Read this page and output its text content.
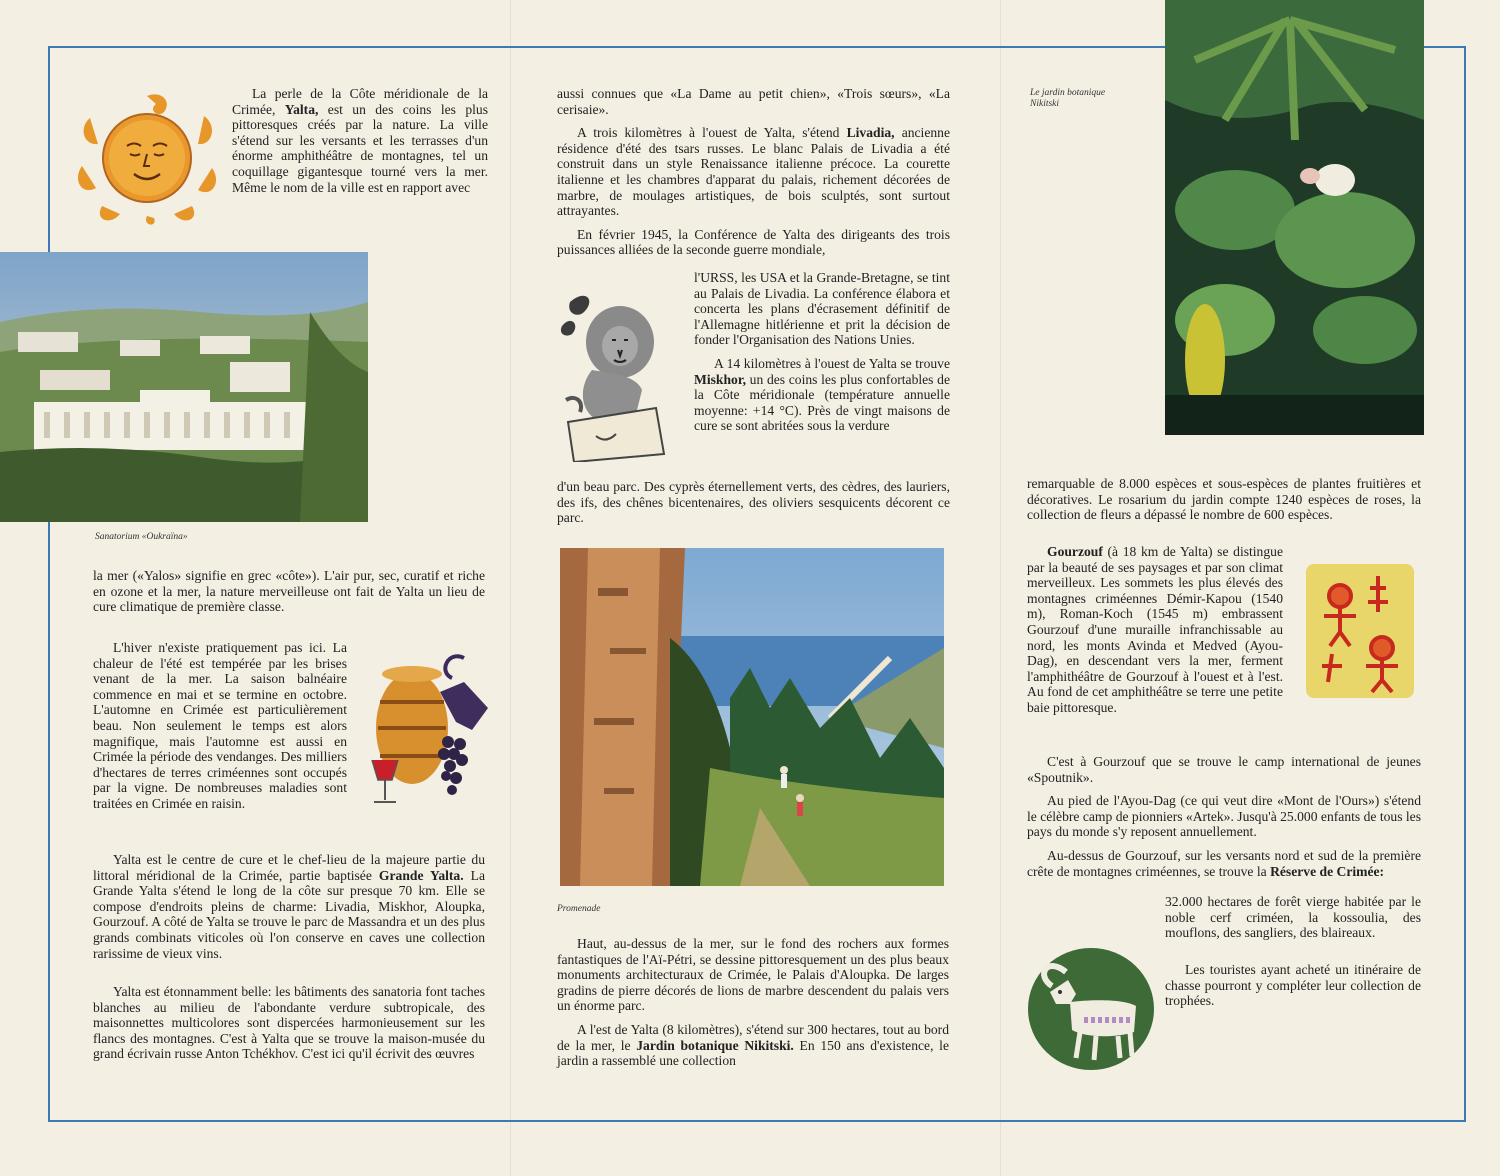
La perle de la Côte méridionale de la Crimée, Yalta, est un des coins les plus pittoresques créés par la nature. La ville s'étend sur les versants et les terrasses d'un énorme amphithéâtre de montagnes, tel un coquillage gigantesque tourné vers la mer. Même le nom de la ville est en rapport avec

Sanatorium «Oukraïna»

la mer («Yalos» signifie en grec «côte»). L'air pur, sec, curatif et riche en ozone et la mer, la nature merveilleuse ont fait de Yalta un lieu de cure climatique de première classe.

L'hiver n'existe pratiquement pas ici. La chaleur de l'été est tempérée par les brises venant de la mer. La saison balnéaire commence en mai et se termine en octobre. L'automne en Crimée est particulièrement beau. Non seulement le temps est alors magnifique, mais l'automne est aussi en Crimée la période des vendanges. Des milliers d'hectares de terres criméennes sont occupés par la vigne. De nombreuses maladies sont traitées en Crimée en raisin.

Yalta est le centre de cure et le chef-lieu de la majeure partie du littoral méridional de la Crimée, partie baptisée Grande Yalta. La Grande Yalta s'étend le long de la côte sur presque 70 km. Elle se compose d'endroits pleins de charme: Livadia, Miskhor, Aloupka, Gourzouf. A côté de Yalta se trouve le parc de Massandra et un des plus grands combinats viticoles où l'on conserve en caves une collection rarissime de vieux vins.

Yalta est étonnamment belle: les bâtiments des sanatoria font taches blanches au milieu de l'abondante verdure subtropicale, des maisonnettes multicolores sont dispercées harmonieusement sur les flancs des montagnes. C'est à Yalta que se trouve la maison-musée du grand écrivain russe Anton Tchékhov. C'est ici qu'il écrivit des œuvres

aussi connues que «La Dame au petit chien», «Trois sœurs», «La cerisaie».

A trois kilomètres à l'ouest de Yalta, s'étend Livadia, ancienne résidence d'été des tsars russes. Le blanc Palais de Livadia a été construit dans un style Renaissance italienne précoce. La courette italienne et les chambres d'apparat du palais, richement décorées de marbre, de moulages artistiques, de bois sculptés, sont surtout attrayantes.

En février 1945, la Conférence de Yalta des dirigeants des trois puissances alliées de la seconde guerre mondiale,

l'URSS, les USA et la Grande-Bretagne, se tint au Palais de Livadia. La conférence élabora et concerta les plans d'écrasement définitif de l'Allemagne hitlérienne et prit la décision de fonder l'Organisation des Nations Unies.

A 14 kilomètres à l'ouest de Yalta se trouve Miskhor, un des coins les plus confortables de la Côte méridionale (température annuelle moyenne: +14 °C). Près de vingt maisons de cure se sont abritées sous la verdure

d'un beau parc. Des cyprès éternellement verts, des cèdres, des lauriers, des ifs, des chênes bicentenaires, des oliviers sesquicents décorent ce parc.

Promenade

Haut, au-dessus de la mer, sur le fond des rochers aux formes fantastiques de l'Aï-Pétri, se dessine pittoresquement un des plus beaux monuments architecturaux de Crimée, le Palais d'Aloupka. De larges gradins de pierre décorés de lions de marbre descendent du palais vers un énorme parc.

A l'est de Yalta (8 kilomètres), s'étend sur 300 hectares, tout au bord de la mer, le Jardin botanique Nikitski. En 150 ans d'existence, le jardin a rassemblé une collection

Le jardin botanique
Nikitski

remarquable de 8.000 espèces et sous-espèces de plantes fruitières et décoratives. Le rosarium du jardin compte 1240 espèces de roses, la collection de fleurs a dépassé le nombre de 600 espèces.

Gourzouf (à 18 km de Yalta) se distingue par la beauté de ses paysages et par son climat merveilleux. Les sommets les plus élevés des montagnes criméennes Démir-Kapou (1540 m), Roman-Koch (1545 m) embrassent Gourzouf d'une muraille infranchissable au nord, les monts Avinda et Medved (Ayou-Dag), en descendant vers la mer, ferment l'amphithéâtre de Gourzouf à l'ouest et à l'est. Au fond de cet amphithéâtre se terre une petite baie pittoresque.

C'est à Gourzouf que se trouve le camp international de jeunes «Spoutnik».

Au pied de l'Ayou-Dag (ce qui veut dire «Mont de l'Ours») s'étend le célèbre camp de pionniers «Artek». Jusqu'à 25.000 enfants de tous les pays du monde s'y reposent annuellement.

Au-dessus de Gourzouf, sur les versants nord et sud de la première crête de montagnes criméennes, se trouve la Réserve de Crimée:

32.000 hectares de forêt vierge habitée par le noble cerf criméen, la kossoulia, des mouflons, des sangliers, des blaireaux.

Les touristes ayant acheté un itinéraire de chasse pourront y compléter leur collection de trophées.
